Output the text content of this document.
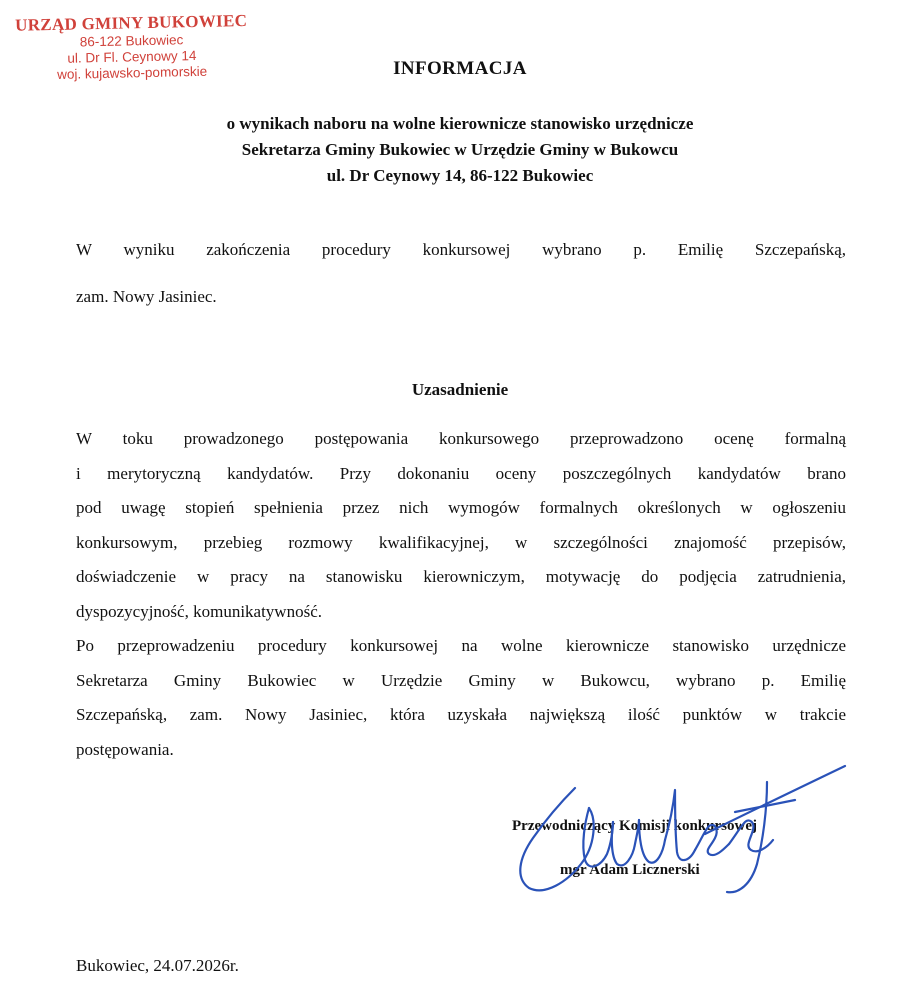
URZĄD GMINY BUKOWIEC
86-122 Bukowiec
ul. Dr Fl. Ceynowy 14
woj. kujawsko-pomorskie	INFORMACJA
o wynikach naboru na wolne kierownicze stanowisko urzędnicze
Sekretarza Gminy Bukowiec w Urzędzie Gminy w Bukowcu
ul. Dr Ceynowy 14, 86-122 Bukowiec
W wyniku zakończenia procedury konkursowej wybrano p. Emilię Szczepańską,
zam. Nowy Jasiniec.
Uzasadnienie
W toku prowadzonego postępowania konkursowego przeprowadzono ocenę formalną
i merytoryczną kandydatów. Przy dokonaniu oceny poszczególnych kandydatów brano
pod uwagę stopień spełnienia przez nich wymogów formalnych określonych w ogłoszeniu
konkursowym, przebieg rozmowy kwalifikacyjnej, w szczególności znajomość przepisów,
doświadczenie w pracy na stanowisku kierowniczym, motywację do podjęcia zatrudnienia,
dyspozycyjność, komunikatywność.
Po przeprowadzeniu procedury konkursowej na wolne kierownicze stanowisko urzędnicze
Sekretarza Gminy Bukowiec w Urzędzie Gminy w Bukowcu, wybrano p. Emilię
Szczepańską, zam. Nowy Jasiniec, która uzyskała największą ilość punktów w trakcie
postępowania.
Przewodniczący Komisji konkursowej
mgr Adam Licznerski
Bukowiec, 24.07.2026r.
